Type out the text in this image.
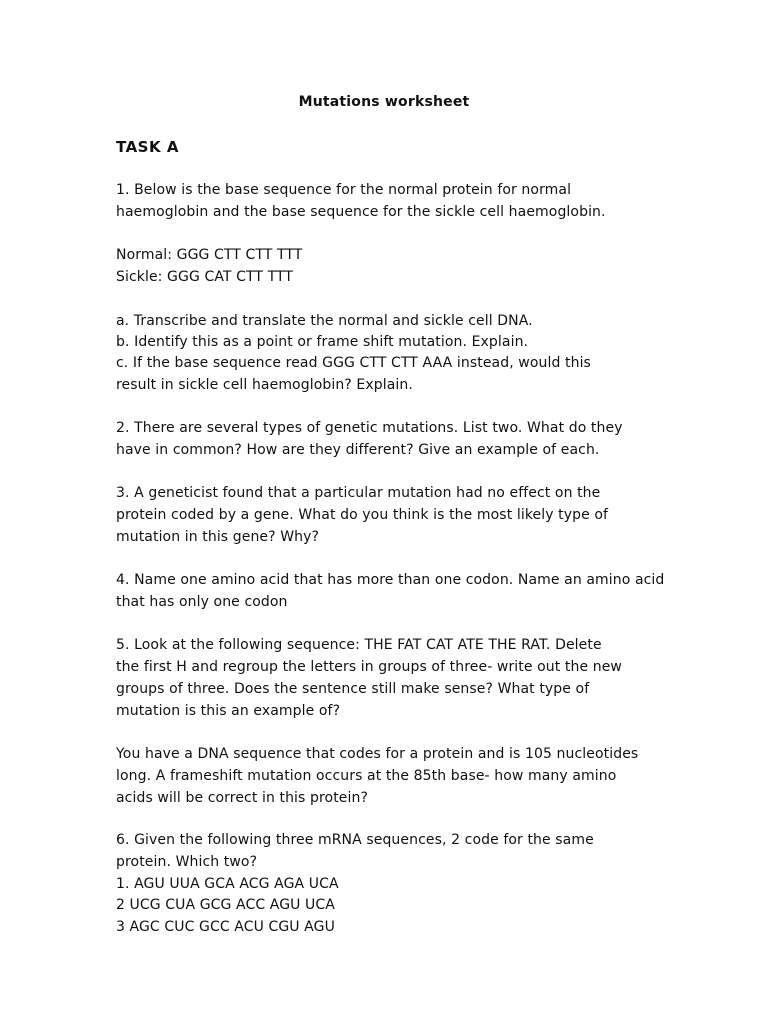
Mutations worksheet
TASK A
1. Below is the base sequence for the normal protein for normal
haemoglobin and the base sequence for the sickle cell haemoglobin.
Normal: GGG CTT CTT TTT
Sickle: GGG CAT CTT TTT
a. Transcribe and translate the normal and sickle cell DNA.
b. Identify this as a point or frame shift mutation. Explain.
c. If the base sequence read GGG CTT CTT AAA instead, would this
result in sickle cell haemoglobin? Explain.
2. There are several types of genetic mutations. List two. What do they
have in common? How are they different? Give an example of each.
3. A geneticist found that a particular mutation had no effect on the
protein coded by a gene. What do you think is the most likely type of
mutation in this gene? Why?
4. Name one amino acid that has more than one codon. Name an amino acid
that has only one codon
5. Look at the following sequence: THE FAT CAT ATE THE RAT. Delete
the first H and regroup the letters in groups of three- write out the new
groups of three. Does the sentence still make sense? What type of
mutation is this an example of?
You have a DNA sequence that codes for a protein and is 105 nucleotides
long. A frameshift mutation occurs at the 85th base- how many amino
acids will be correct in this protein?
6. Given the following three mRNA sequences, 2 code for the same
protein. Which two?
1. AGU UUA GCA ACG AGA UCA
2 UCG CUA GCG ACC AGU UCA
3 AGC CUC GCC ACU CGU AGU
